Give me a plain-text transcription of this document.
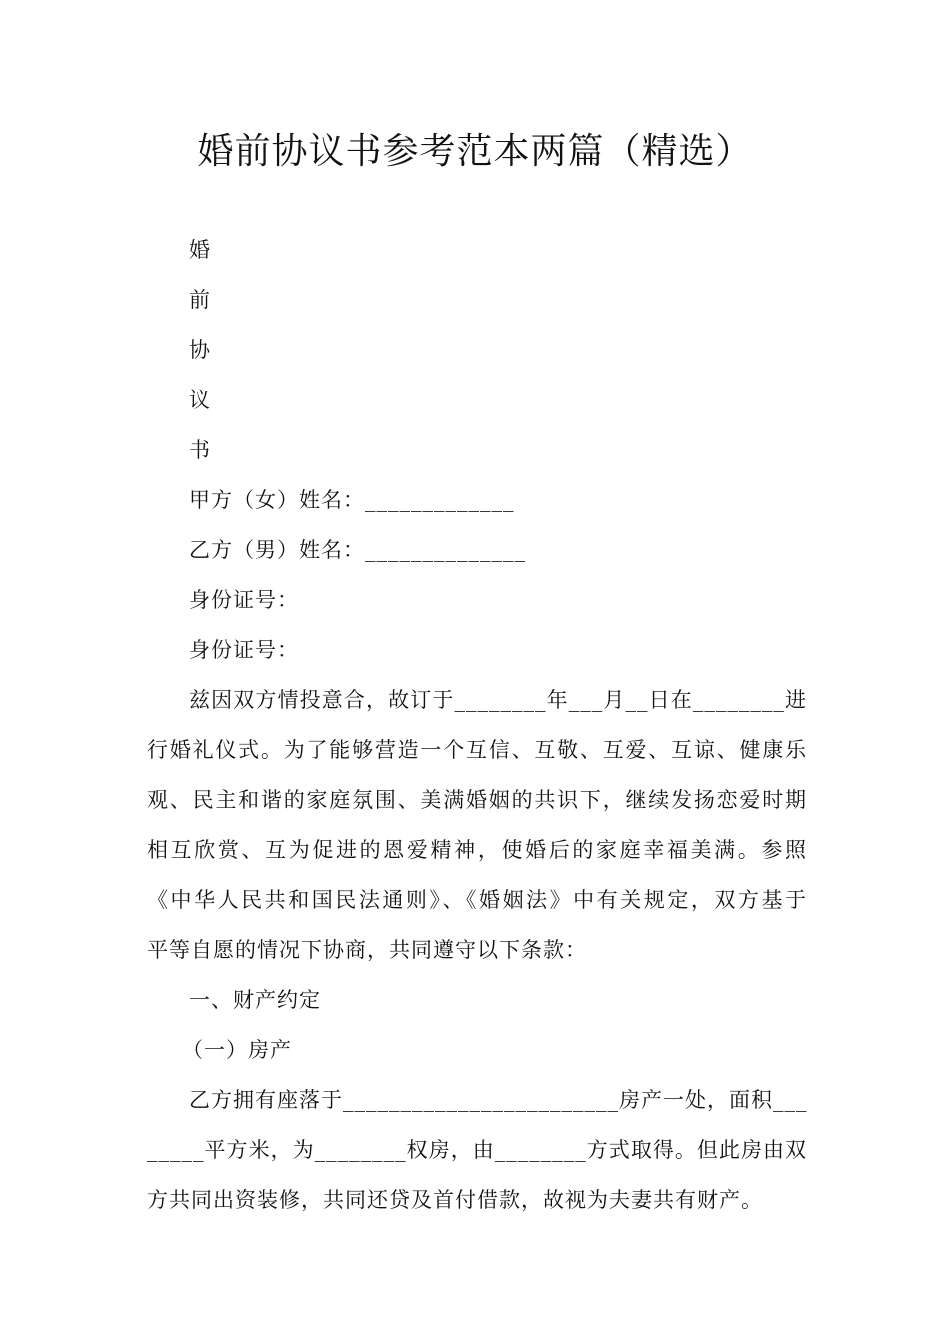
婚前协议书参考范本两篇（精选）
婚
前
协
议
书
甲方（女）姓名：_____________
乙方（男）姓名：______________
身份证号：
身份证号：
兹因双方情投意合，故订于________年___月__日在________进
行婚礼仪式。为了能够营造一个互信、互敬、互爱、互谅、健康乐
观、民主和谐的家庭氛围、美满婚姻的共识下，继续发扬恋爱时期
相互欣赏、互为促进的恩爱精神，使婚后的家庭幸福美满。参照
《中华人民共和国民法通则》、《婚姻法》中有关规定，双方基于
平等自愿的情况下协商，共同遵守以下条款：
一、财产约定
（一）房产
乙方拥有座落于________________________房产一处，面积___
_____平方米，为________权房，由________方式取得。但此房由双
方共同出资装修，共同还贷及首付借款，故视为夫妻共有财产。
